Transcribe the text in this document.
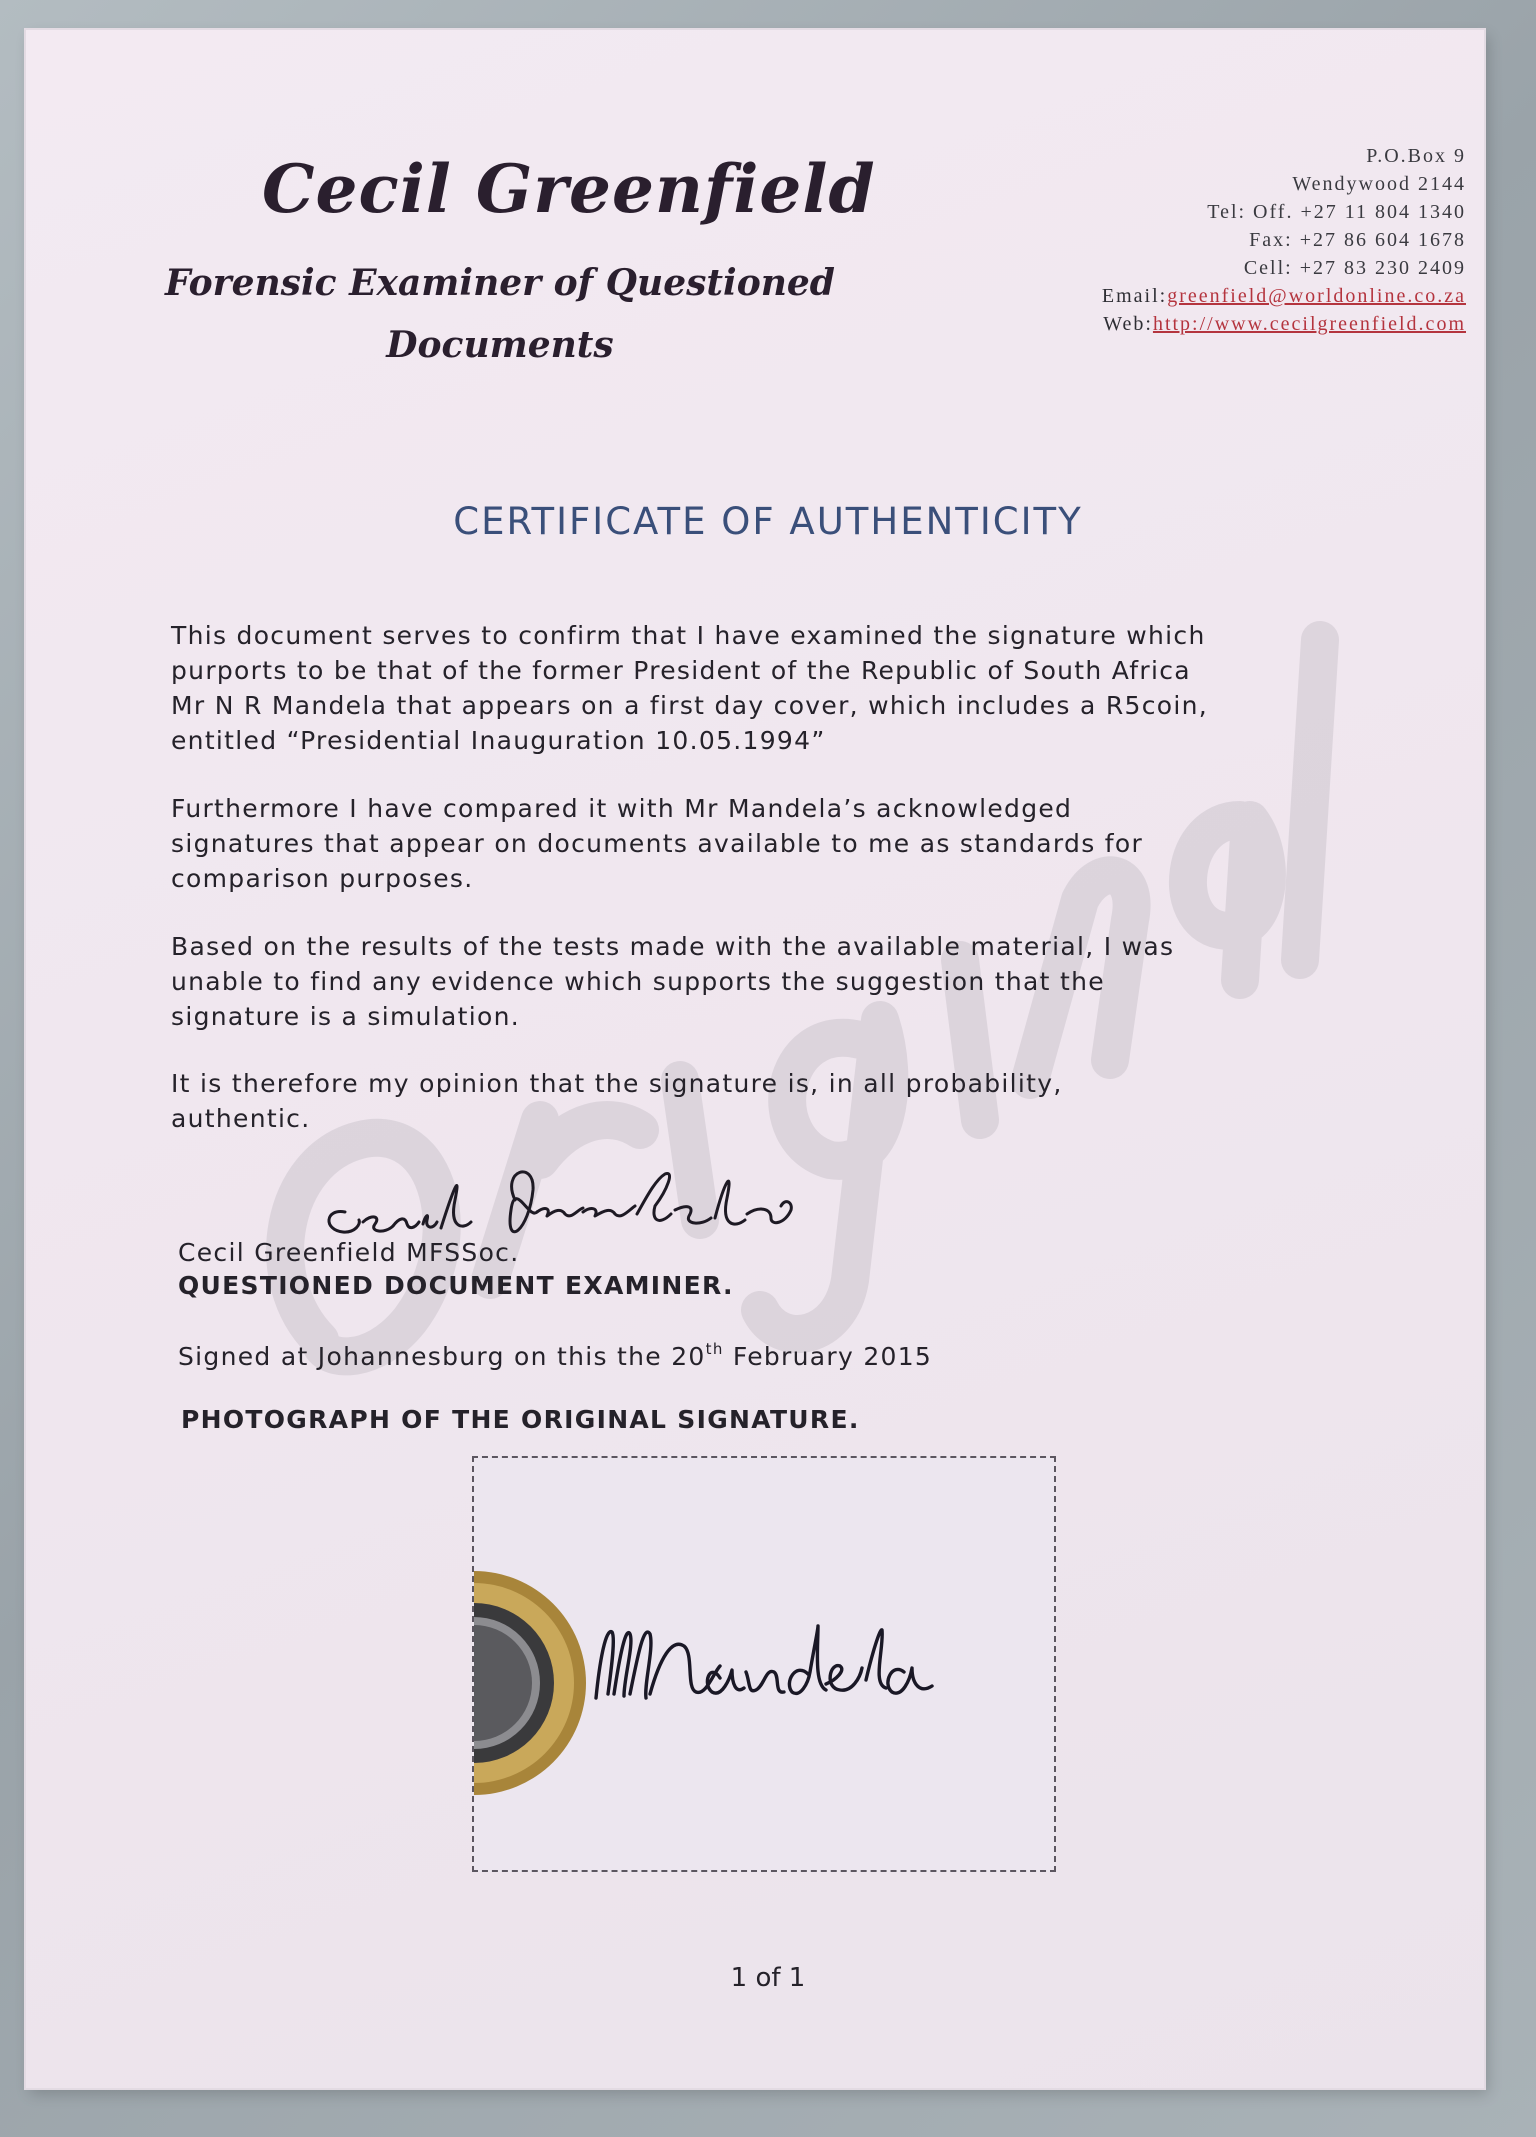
Cecil Greenfield
Forensic Examiner of Questioned
Documents
P.O.Box 9
Wendywood 2144
Tel: Off. +27 11 804 1340
Fax: +27 86 604 1678
Cell: +27 83 230 2409
Email:greenfield@worldonline.co.za
Web:http://www.cecilgreenfield.com
CERTIFICATE OF AUTHENTICITY
This document serves to confirm that I have examined the signature which
purports to be that of the former President of the Republic of South Africa
Mr N R Mandela that appears on a first day cover, which includes a R5coin,
entitled “Presidential Inauguration 10.05.1994”
Furthermore I have compared it with Mr Mandela’s acknowledged
signatures that appear on documents available to me as standards for
comparison purposes.
Based on the results of the tests made with the available material, I was
unable to find any evidence which supports the suggestion that the
signature is a simulation.
It is therefore my opinion that the signature is, in all probability,
authentic.
Cecil Greenfield MFSSoc.
QUESTIONED DOCUMENT EXAMINER.
Signed at Johannesburg on this the 20th February 2015
PHOTOGRAPH OF THE ORIGINAL SIGNATURE.
1 of 1
